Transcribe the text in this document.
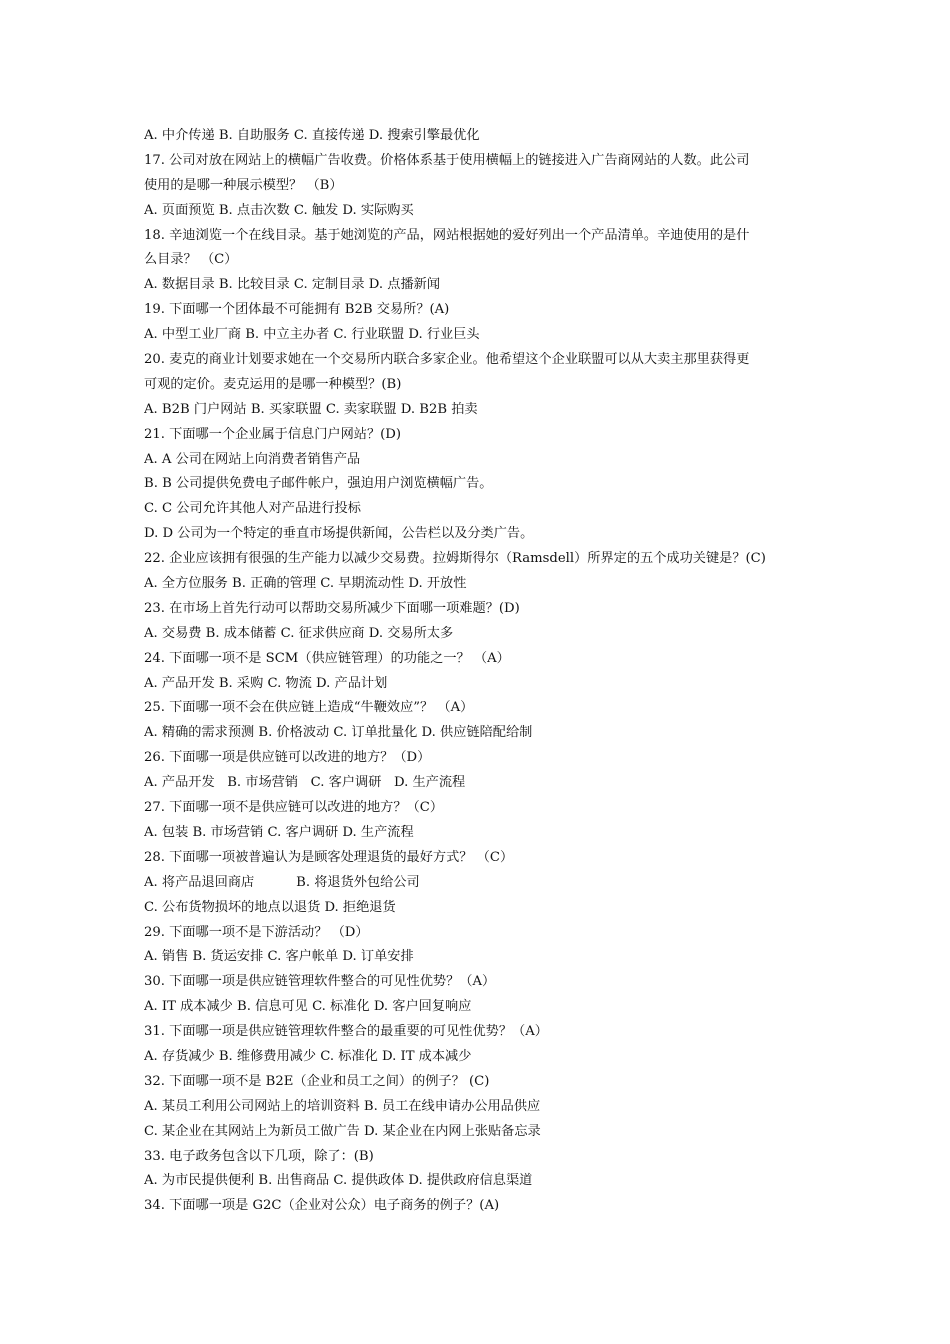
A. 中介传递 B. 自助服务 C. 直接传递 D. 搜索引擎最优化
17. 公司对放在网站上的横幅广告收费。价格体系基于使用横幅上的链接进入广告商网站的人数。此公司
使用的是哪一种展示模型？ （B）
A. 页面预览 B. 点击次数 C. 触发 D. 实际购买
18. 辛迪浏览一个在线目录。基于她浏览的产品，网站根据她的爱好列出一个产品清单。辛迪使用的是什
么目录？ （C）
A. 数据目录 B. 比较目录 C. 定制目录 D. 点播新闻
19. 下面哪一个团体最不可能拥有 B2B 交易所？(A)
A. 中型工业厂商 B. 中立主办者 C. 行业联盟 D. 行业巨头
20. 麦克的商业计划要求她在一个交易所内联合多家企业。他希望这个企业联盟可以从大卖主那里获得更
可观的定价。麦克运用的是哪一种模型？(B)
A. B2B 门户网站 B. 买家联盟 C. 卖家联盟 D. B2B 拍卖
21. 下面哪一个企业属于信息门户网站？(D)
A. A 公司在网站上向消费者销售产品
B. B 公司提供免费电子邮件帐户，强迫用户浏览横幅广告。
C. C 公司允许其他人对产品进行投标
D. D 公司为一个特定的垂直市场提供新闻，公告栏以及分类广告。
22. 企业应该拥有很强的生产能力以减少交易费。拉姆斯得尔（Ramsdell）所界定的五个成功关键是？(C)
A. 全方位服务 B. 正确的管理 C. 早期流动性 D. 开放性
23. 在市场上首先行动可以帮助交易所减少下面哪一项难题？(D)
A. 交易费 B. 成本储蓄 C. 征求供应商 D. 交易所太多
24. 下面哪一项不是 SCM（供应链管理）的功能之一？ （A）
A. 产品开发 B. 采购 C. 物流 D. 产品计划
25. 下面哪一项不会在供应链上造成“牛鞭效应”？ （A）
A. 精确的需求预测 B. 价格波动 C. 订单批量化 D. 供应链陪配给制
26. 下面哪一项是供应链可以改进的地方？（D）
A. 产品开发   B. 市场营销   C. 客户调研   D. 生产流程
27. 下面哪一项不是供应链可以改进的地方？（C）
A. 包装 B. 市场营销 C. 客户调研 D. 生产流程
28. 下面哪一项被普遍认为是顾客处理退货的最好方式？ （C）
A. 将产品退回商店          B. 将退货外包给公司
C. 公布货物损坏的地点以退货 D. 拒绝退货
29. 下面哪一项不是下游活动？ （D）
A. 销售 B. 货运安排 C. 客户帐单 D. 订单安排
30. 下面哪一项是供应链管理软件整合的可见性优势？（A）
A. IT 成本减少 B. 信息可见 C. 标准化 D. 客户回复响应
31. 下面哪一项是供应链管理软件整合的最重要的可见性优势？（A）
A. 存货减少 B. 维修费用减少 C. 标准化 D. IT 成本减少
32. 下面哪一项不是 B2E（企业和员工之间）的例子？ (C)
A. 某员工利用公司网站上的培训资料 B. 员工在线申请办公用品供应
C. 某企业在其网站上为新员工做广告 D. 某企业在内网上张贴备忘录
33. 电子政务包含以下几项，除了：(B)
A. 为市民提供便利 B. 出售商品 C. 提供政体 D. 提供政府信息渠道
34. 下面哪一项是 G2C（企业对公众）电子商务的例子？(A)
